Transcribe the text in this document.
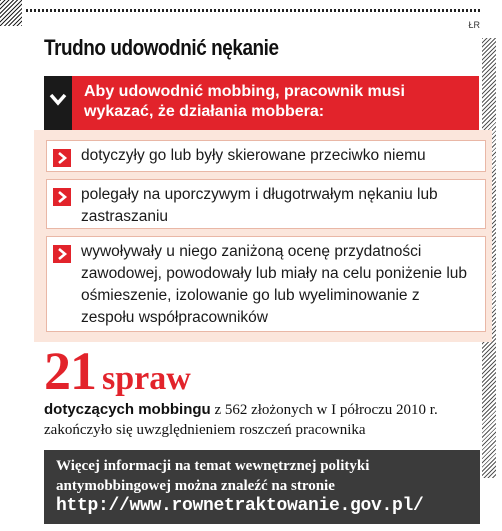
ŁR
Trudno udowodnić nękanie
Aby udowodnić mobbing, pracownik musi wykazać, że działania mobbera:
dotyczyły go lub były skierowane przeciwko niemu
polegały na uporczywym i długotrwałym nękaniu lub zastraszaniu
wywoływały u niego zaniżoną ocenę przydatności zawodowej, powodowały lub miały na celu poniżenie lub ośmieszenie, izolowanie go lub wyeliminowanie z zespołu współpracowników
21 spraw
dotyczących mobbingu z 562 złożonych w I półroczu 2010 r. zakończyło się uwzględnieniem roszczeń pracownika
Więcej informacji na temat wewnętrznej polityki antymobbingowej można znaleźć na stronie
http://www.rownetraktowanie.gov.pl/
